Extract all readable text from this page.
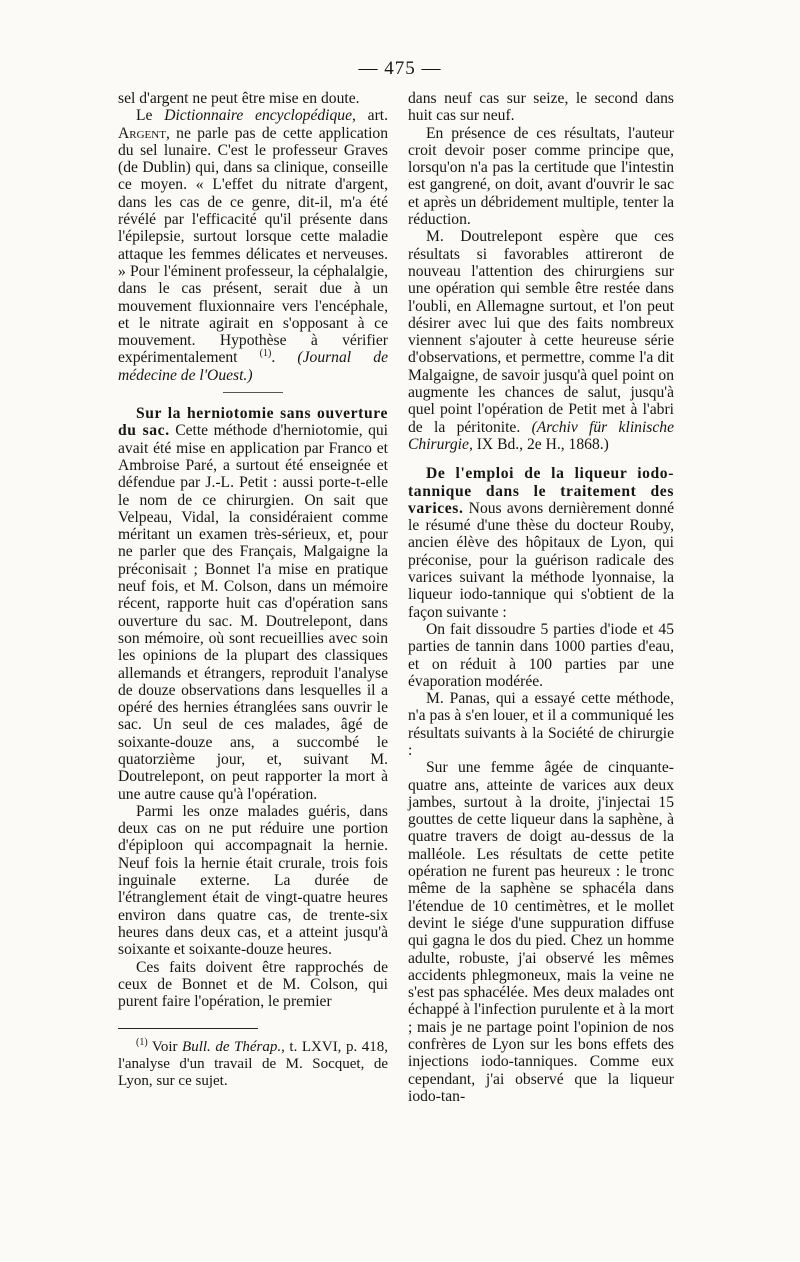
— 475 —

sel d'argent ne peut être mise en doute.

Le Dictionnaire encyclopédique, art. Argent, ne parle pas de cette application du sel lunaire. C'est le professeur Graves (de Dublin) qui, dans sa clinique, conseille ce moyen. « L'effet du nitrate d'argent, dans les cas de ce genre, dit-il, m'a été révélé par l'efficacité qu'il présente dans l'épilepsie, surtout lorsque cette maladie attaque les femmes délicates et nerveuses. » Pour l'éminent professeur, la céphalalgie, dans le cas présent, serait due à un mouvement fluxionnaire vers l'encéphale, et le nitrate agirait en s'opposant à ce mouvement. Hypothèse à vérifier expérimentalement $^{(1)}$. (Journal de médecine de l'Ouest.)

Sur la herniotomie sans ouverture du sac. Cette méthode d'herniotomie, qui avait été mise en application par Franco et Ambroise Paré, a surtout été enseignée et défendue par J.-L. Petit : aussi porte-t-elle le nom de ce chirurgien. On sait que Velpeau, Vidal, la considéraient comme méritant un examen très-sérieux, et, pour ne parler que des Français, Malgaigne la préconisait ; Bonnet l'a mise en pratique neuf fois, et M. Colson, dans un mémoire récent, rapporte huit cas d'opération sans ouverture du sac. M. Doutrelepont, dans son mémoire, où sont recueillies avec soin les opinions de la plupart des classiques allemands et étrangers, reproduit l'analyse de douze observations dans lesquelles il a opéré des hernies étranglées sans ouvrir le sac. Un seul de ces malades, âgé de soixante-douze ans, a succombé le quatorzième jour, et, suivant M. Doutrelepont, on peut rapporter la mort à une autre cause qu'à l'opération.

Parmi les onze malades guéris, dans deux cas on ne put réduire une portion d'épiploon qui accompagnait la hernie. Neuf fois la hernie était crurale, trois fois inguinale externe. La durée de l'étranglement était de vingt-quatre heures environ dans quatre cas, de trente-six heures dans deux cas, et a atteint jusqu'à soixante et soixante-douze heures.

Ces faits doivent être rapprochés de ceux de Bonnet et de M. Colson, qui purent faire l'opération, le premier

$^{(1)}$ Voir Bull. de Thérap., t. LXVI, p. 418, l'analyse d'un travail de M. Socquet, de Lyon, sur ce sujet.

dans neuf cas sur seize, le second dans huit cas sur neuf.

En présence de ces résultats, l'auteur croit devoir poser comme principe que, lorsqu'on n'a pas la certitude que l'intestin est gangrené, on doit, avant d'ouvrir le sac et après un débridement multiple, tenter la réduction.

M. Doutrelepont espère que ces résultats si favorables attireront de nouveau l'attention des chirurgiens sur une opération qui semble être restée dans l'oubli, en Allemagne surtout, et l'on peut désirer avec lui que des faits nombreux viennent s'ajouter à cette heureuse série d'observations, et permettre, comme l'a dit Malgaigne, de savoir jusqu'à quel point on augmente les chances de salut, jusqu'à quel point l'opération de Petit met à l'abri de la péritonite. (Archiv für klinische Chirurgie, IX Bd., 2e H., 1868.)

De l'emploi de la liqueur iodo-tannique dans le traitement des varices. Nous avons dernièrement donné le résumé d'une thèse du docteur Rouby, ancien élève des hôpitaux de Lyon, qui préconise, pour la guérison radicale des varices suivant la méthode lyonnaise, la liqueur iodo-tannique qui s'obtient de la façon suivante :

On fait dissoudre 5 parties d'iode et 45 parties de tannin dans 1000 parties d'eau, et on réduit à 100 parties par une évaporation modérée.

M. Panas, qui a essayé cette méthode, n'a pas à s'en louer, et il a communiqué les résultats suivants à la Société de chirurgie :

Sur une femme âgée de cinquante-quatre ans, atteinte de varices aux deux jambes, surtout à la droite, j'injectai 15 gouttes de cette liqueur dans la saphène, à quatre travers de doigt au-dessus de la malléole. Les résultats de cette petite opération ne furent pas heureux : le tronc même de la saphène se sphacéla dans l'étendue de 10 centimètres, et le mollet devint le siége d'une suppuration diffuse qui gagna le dos du pied. Chez un homme adulte, robuste, j'ai observé les mêmes accidents phlegmoneux, mais la veine ne s'est pas sphacélée. Mes deux malades ont échappé à l'infection purulente et à la mort ; mais je ne partage point l'opinion de nos confrères de Lyon sur les bons effets des injections iodo-tanniques. Comme eux cependant, j'ai observé que la liqueur iodo-tan-
